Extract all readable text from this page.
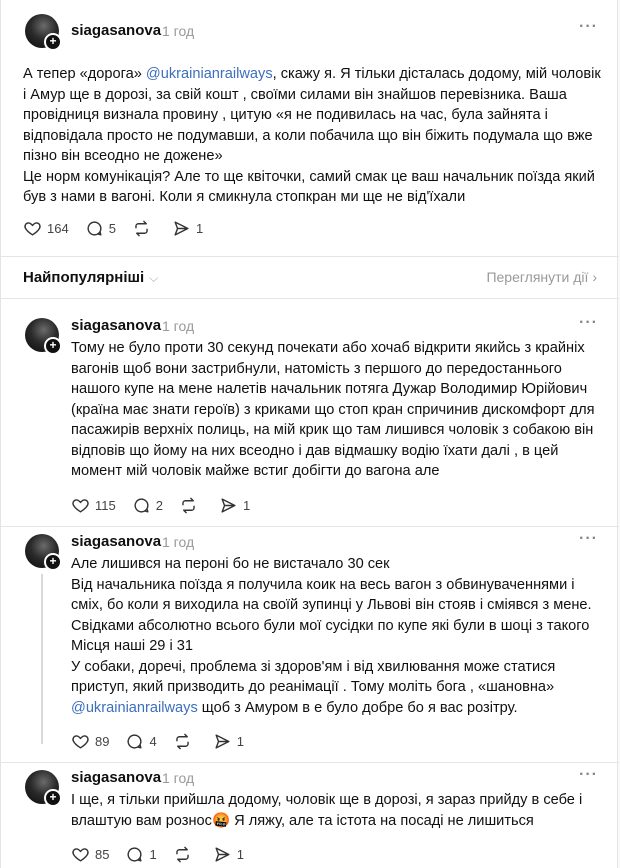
+
siagasanova 1 год	···
А тепер «дорога» @ukrainianrailways, скажу я. Я тільки дісталась додому, мій чоловік і Амур ще в дорозі, за свій кошт , своїми силами він знайшов перевізника. Ваша провідниця визнала провину , цитую «я не подивилась на час, була зайнята і відповідала просто не подумавши, а коли побачила що він біжить подумала що вже пізно він всеодно не дожене»
Це норм комунікація? Але то ще квіточки, самий смак це ваш начальник поїзда який був з нами в вагоні. Коли я смикнула стопкран ми ще не від'їхали
164	5	1
Найпопулярніші ⌵	Переглянути дії ›
+
siagasanova 1 год	···
Тому не було проти 30 секунд почекати або хочаб відкрити якийсь з крайніх вагонів щоб вони застрибнули, натомість з першого до передостаннього нашого купе на мене налетів начальник потяга Дужар Володимир Юрійович (країна має знати героїв) з криками що стоп кран спричинив дискомфорт для пасажирів верхніх полиць, на мій крик що там лишився чоловік з собакою він відповів що йому на них всеодно і дав відмашку водію їхати далі , в цей момент мій чоловік майже встиг добігти до вагона але
115	2	1
+
siagasanova 1 год	···
Але лишився на пероні бо не вистачало 30 сек
Від начальника поїзда я получила коик на весь вагон з обвинуваченнями і сміх, бо коли я виходила на своїй зупинці у Львові він стояв і сміявся з мене. Свідками абсолютно всього були мої сусідки по купе які були в шоці з такого Місця наші 29 і 31
У собаки, доречі, проблема зі здоров'ям і від хвилювання може статися приступ, який призводить до реанімації . Тому моліть бога , «шановна» @ukrainianrailways щоб з Амуром в е було добре бо я вас розітру.
89	4	1
+
siagasanova 1 год	···
І ще, я тільки прийшла додому, чоловік ще в дорозі, я зараз прийду в себе і влаштую вам рознос🤬 Я ляжу, але та істота на посаді не лишиться
85	1	1
